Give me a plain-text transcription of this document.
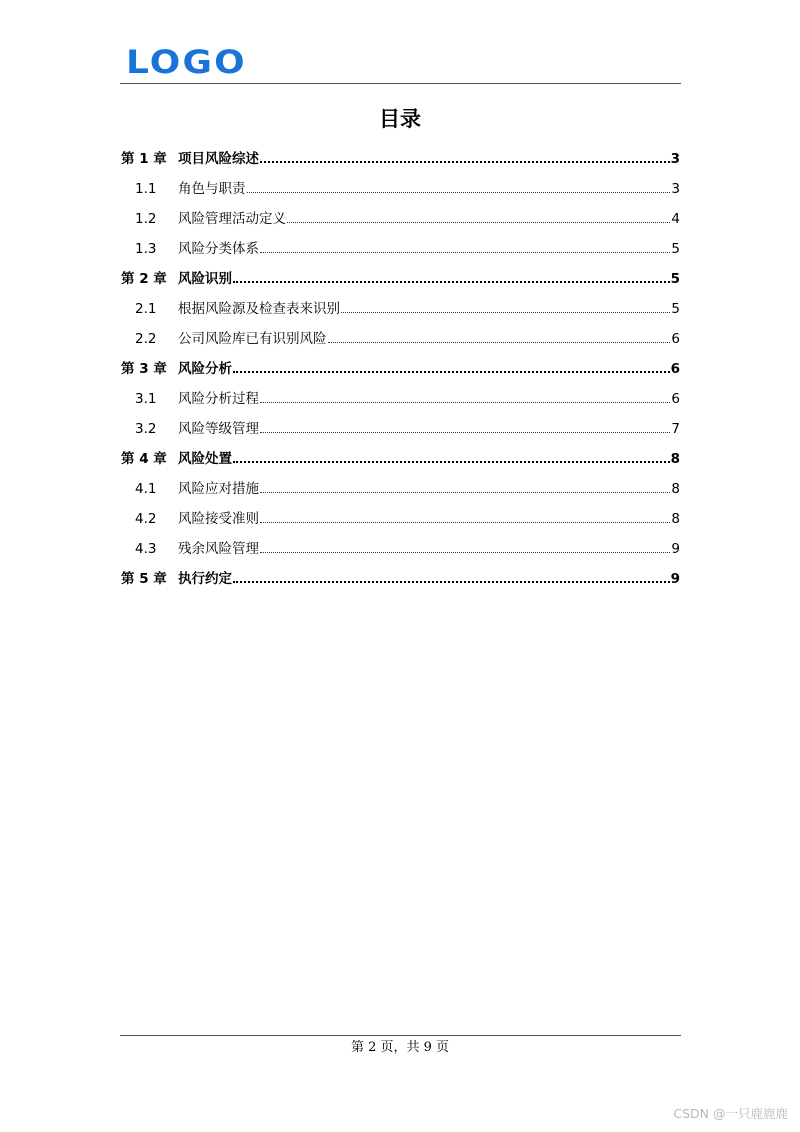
LOGO
目录
第 1 章 项目风险综述	3
1.1	角色与职责	3
1.2	风险管理活动定义	4
1.3	风险分类体系	5
第 2 章 风险识别	5
2.1	根据风险源及检查表来识别	5
2.2	公司风险库已有识别风险	6
第 3 章 风险分析	6
3.1	风险分析过程	6
3.2	风险等级管理	7
第 4 章 风险处置	8
4.1	风险应对措施	8
4.2	风险接受准则	8
4.3	残余风险管理	9
第 5 章 执行约定	9
第 2 页，共 9 页
CSDN @一只鹿鹿鹿
